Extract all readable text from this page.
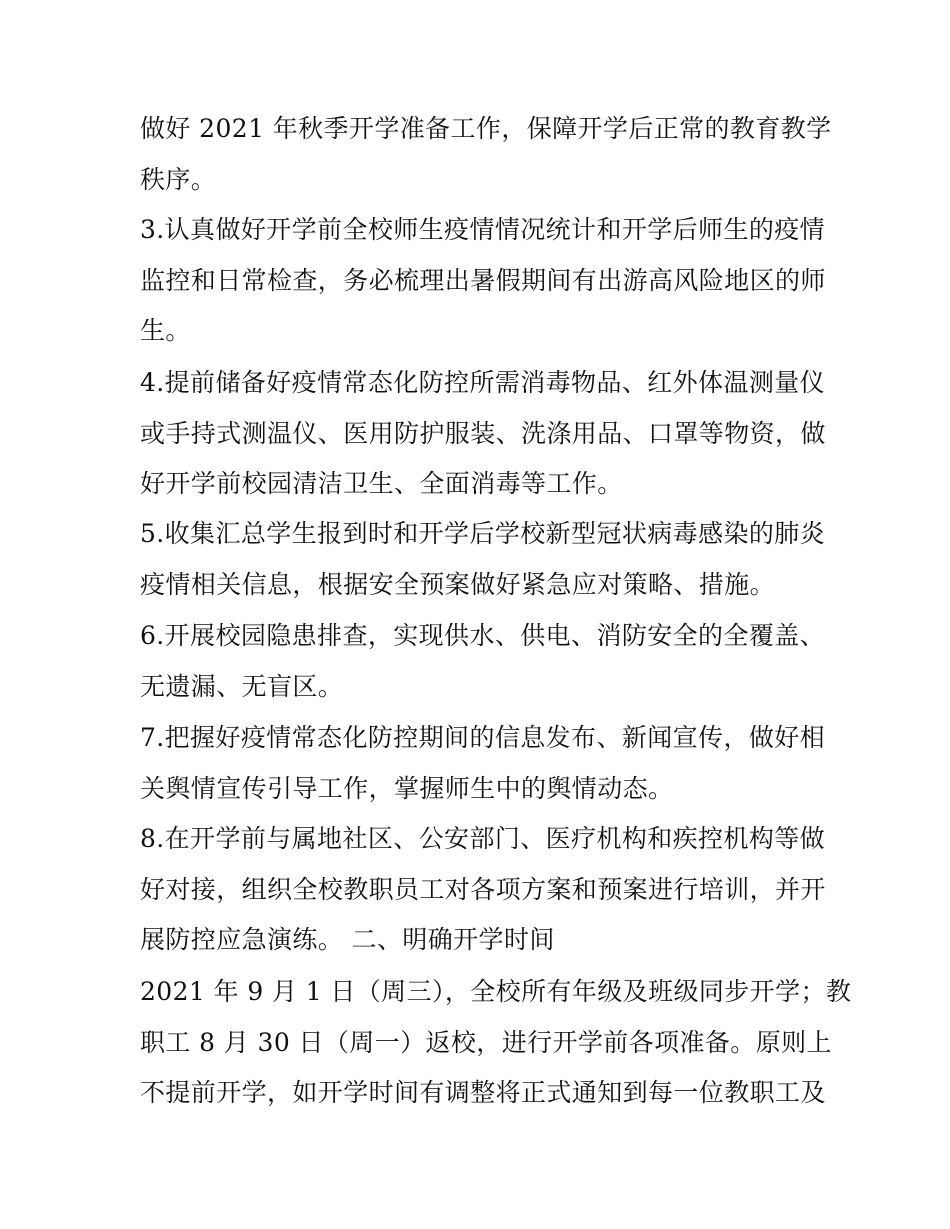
做好 2021 年秋季开学准备工作，保障开学后正常的教育教学
秩序。
3.认真做好开学前全校师生疫情情况统计和开学后师生的疫情
监控和日常检查，务必梳理出暑假期间有出游高风险地区的师
生。
4.提前储备好疫情常态化防控所需消毒物品、红外体温测量仪
或手持式测温仪、医用防护服装、洗涤用品、口罩等物资，做
好开学前校园清洁卫生、全面消毒等工作。
5.收集汇总学生报到时和开学后学校新型冠状病毒感染的肺炎
疫情相关信息，根据安全预案做好紧急应对策略、措施。
6.开展校园隐患排查，实现供水、供电、消防安全的全覆盖、
无遗漏、无盲区。
7.把握好疫情常态化防控期间的信息发布、新闻宣传，做好相
关舆情宣传引导工作，掌握师生中的舆情动态。
8.在开学前与属地社区、公安部门、医疗机构和疾控机构等做
好对接，组织全校教职员工对各项方案和预案进行培训，并开
展防控应急演练。 二、明确开学时间
2021 年 9 月 1 日（周三），全校所有年级及班级同步开学；教
职工 8 月 30 日（周一）返校，进行开学前各项准备。原则上
不提前开学，如开学时间有调整将正式通知到每一位教职工及
